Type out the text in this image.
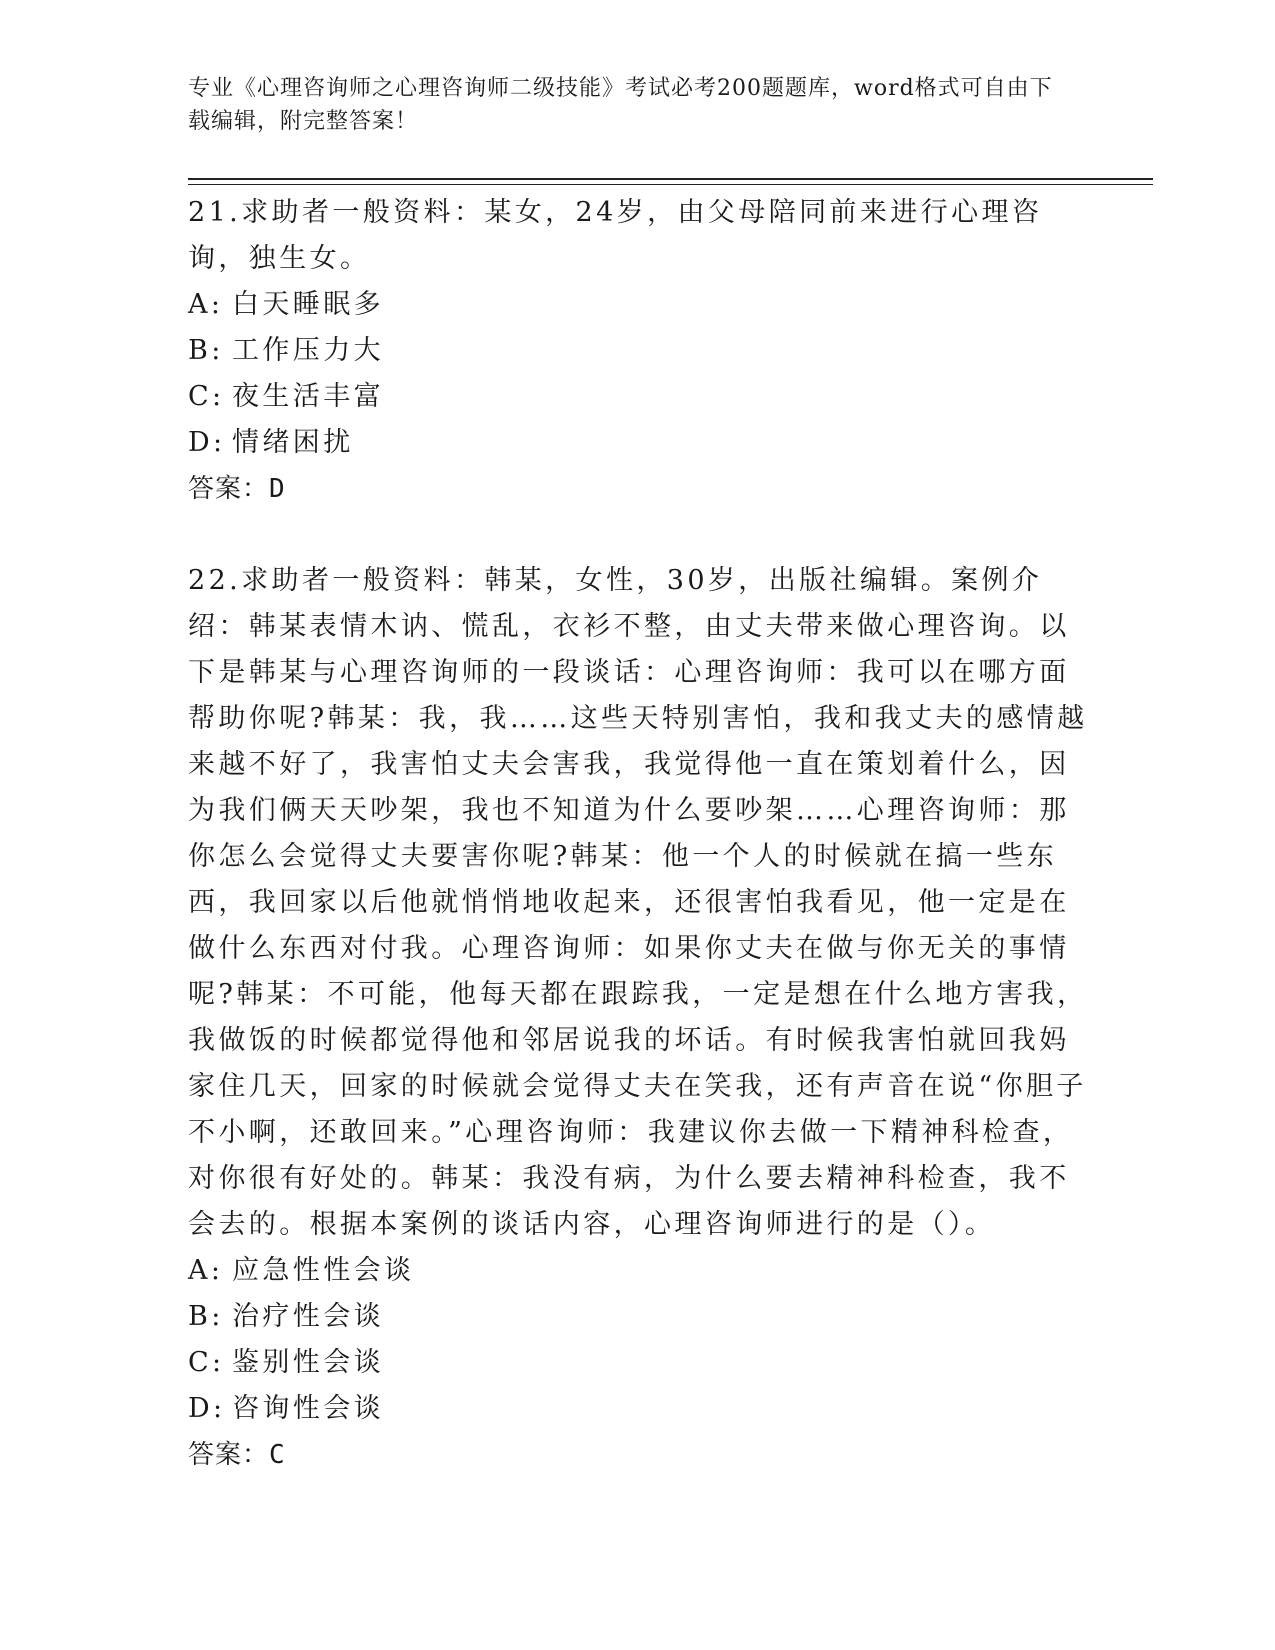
专业《心理咨询师之心理咨询师二级技能》考试必考200题题库，word格式可自由下载编辑，附完整答案！

21.求助者一般资料：某女，24岁，由父母陪同前来进行心理咨询，独生女。

A: 白天睡眠多

B: 工作压力大

C: 夜生活丰富

D: 情绪困扰

答案：D

22.求助者一般资料：韩某，女性，30岁，出版社编辑。案例介绍：韩某表情木讷、慌乱，衣衫不整，由丈夫带来做心理咨询。以下是韩某与心理咨询师的一段谈话：心理咨询师：我可以在哪方面帮助你呢?韩某：我，我……这些天特别害怕，我和我丈夫的感情越来越不好了，我害怕丈夫会害我，我觉得他一直在策划着什么，因为我们俩天天吵架，我也不知道为什么要吵架……心理咨询师：那你怎么会觉得丈夫要害你呢?韩某：他一个人的时候就在搞一些东西，我回家以后他就悄悄地收起来，还很害怕我看见，他一定是在做什么东西对付我。心理咨询师：如果你丈夫在做与你无关的事情呢?韩某：不可能，他每天都在跟踪我，一定是想在什么地方害我，我做饭的时候都觉得他和邻居说我的坏话。有时候我害怕就回我妈家住几天，回家的时候就会觉得丈夫在笑我，还有声音在说“你胆子不小啊，还敢回来。”心理咨询师：我建议你去做一下精神科检查，对你很有好处的。韩某：我没有病，为什么要去精神科检查，我不会去的。根据本案例的谈话内容，心理咨询师进行的是（）。

A: 应急性性会谈

B: 治疗性会谈

C: 鉴别性会谈

D: 咨询性会谈

答案：C
